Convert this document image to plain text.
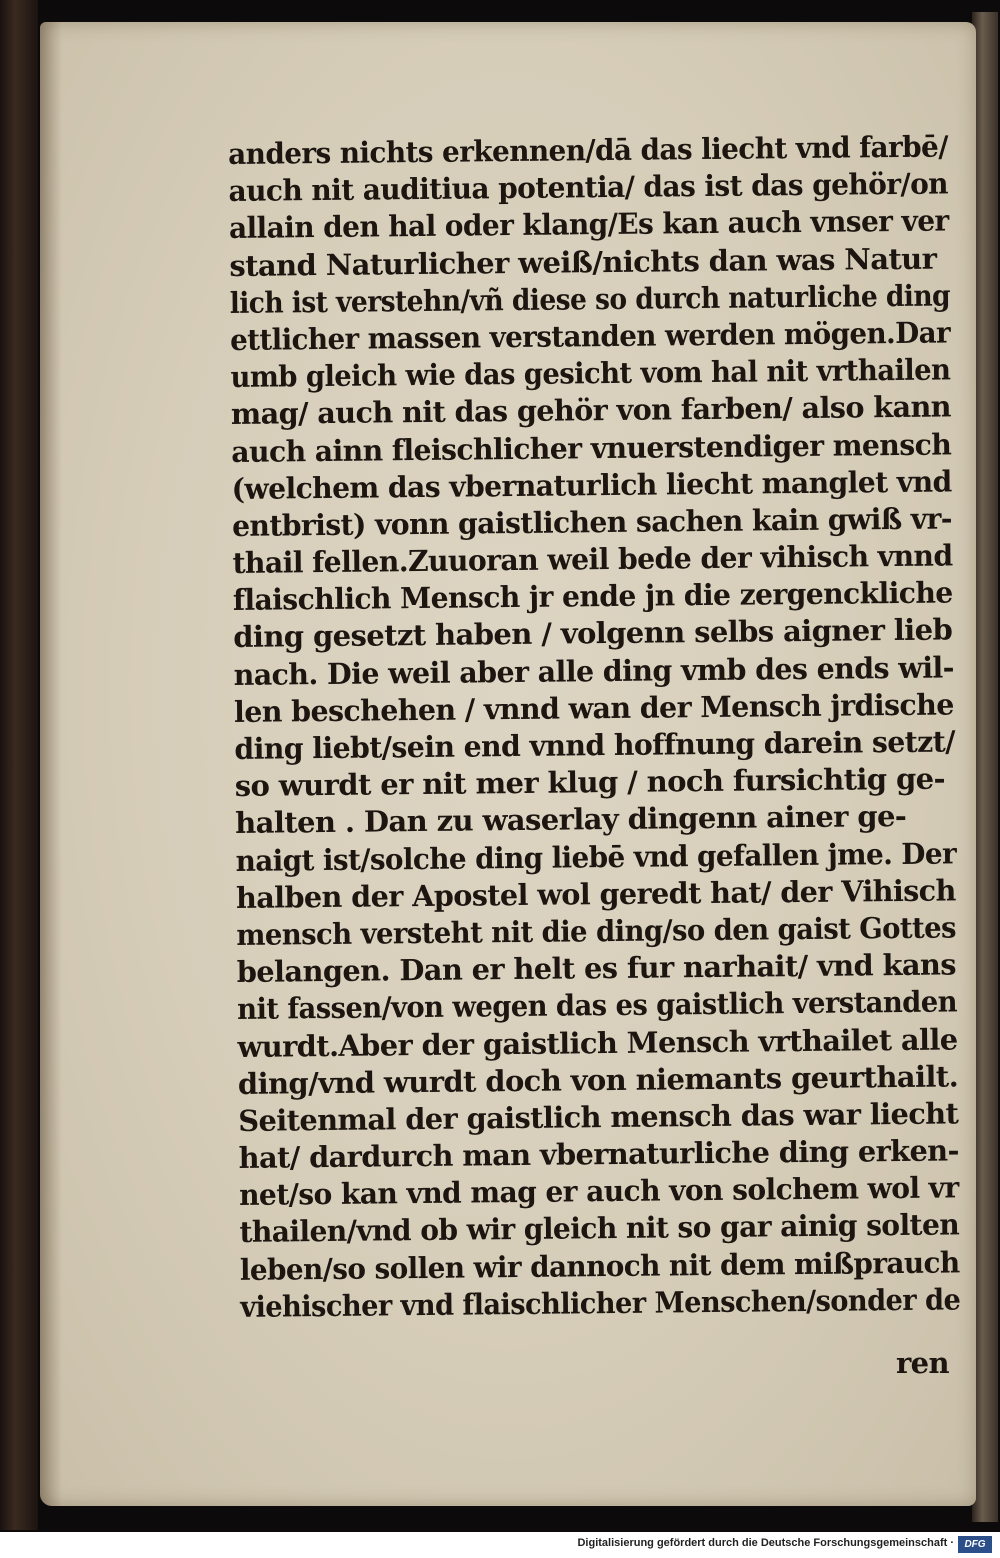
anders nichts erkennen/dā das liecht vnd farbē/
auch nit auditiua potentia/ das ist das gehör/on
allain den hal oder klang/Es kan auch vnser ver
stand Naturlicher weiß/nichts dan was Natur
lich ist verstehn/vñ diese so durch naturliche ding
ettlicher massen verstanden werden mögen.Dar
umb gleich wie das gesicht vom hal nit vrthailen
mag/ auch nit das gehör von farben/ also kann
auch ainn fleischlicher vnuerstendiger mensch
(welchem das vbernaturlich liecht manglet vnd
entbrist) vonn gaistlichen sachen kain gwiß vr-
thail fellen.Zuuoran weil bede der vihisch vnnd
flaischlich Mensch jr ende jn die zergenckliche
ding gesetzt haben / volgenn selbs aigner lieb
nach. Die weil aber alle ding vmb des ends wil-
len beschehen / vnnd wan der Mensch jrdische
ding liebt/sein end vnnd hoffnung darein setzt/
so wurdt er nit mer klug / noch fursichtig ge-
halten . Dan zu waserlay dingenn ainer ge-
naigt ist/solche ding liebē vnd gefallen jme. Der
halben der Apostel wol geredt hat/ der Vihisch
mensch versteht nit die ding/so den gaist Gottes
belangen. Dan er helt es fur narhait/ vnd kans
nit fassen/von wegen das es gaistlich verstanden
wurdt.Aber der gaistlich Mensch vrthailet alle
ding/vnd wurdt doch von niemants geurthailt.
Seitenmal der gaistlich mensch das war liecht
hat/ dardurch man vbernaturliche ding erken-
net/so kan vnd mag er auch von solchem wol vr
thailen/vnd ob wir gleich nit so gar ainig solten
leben/so sollen wir dannoch nit dem mißprauch
viehischer vnd flaischlicher Menschen/sonder de
ren
Digitalisierung gefördert durch die Deutsche Forschungsgemeinschaft ·	DFG
